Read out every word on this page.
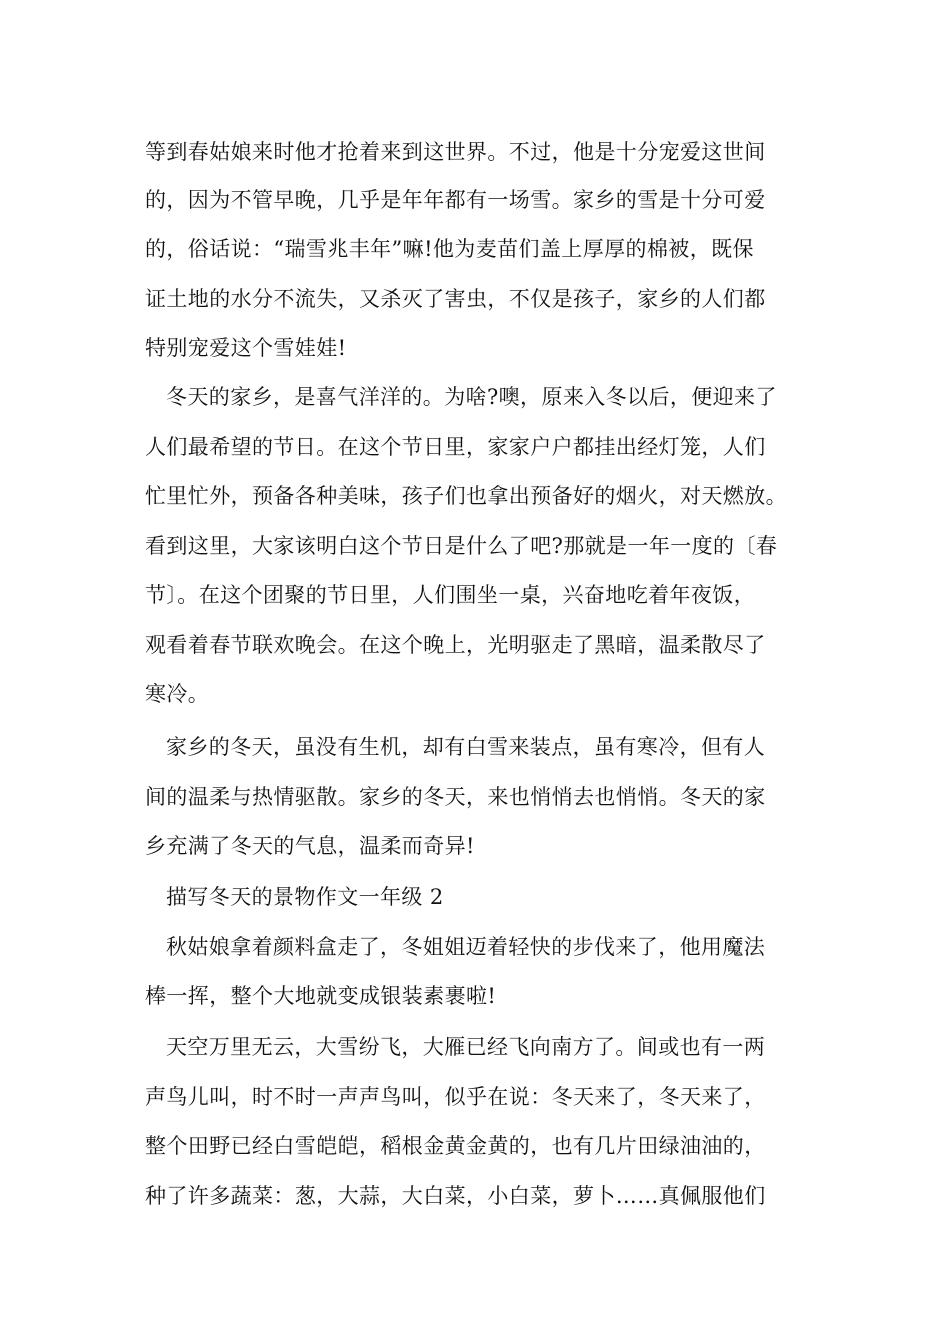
等到春姑娘来时他才抢着来到这世界。不过，他是十分宠爱这世间
的，因为不管早晚，几乎是年年都有一场雪。家乡的雪是十分可爱
的，俗话说：“瑞雪兆丰年”嘛!他为麦苗们盖上厚厚的棉被，既保
证土地的水分不流失，又杀灭了害虫，不仅是孩子，家乡的人们都
特别宠爱这个雪娃娃!
冬天的家乡，是喜气洋洋的。为啥?噢，原来入冬以后，便迎来了
人们最希望的节日。在这个节日里，家家户户都挂出经灯笼，人们
忙里忙外，预备各种美味，孩子们也拿出预备好的烟火，对天燃放。
看到这里，大家该明白这个节日是什么了吧?那就是一年一度的〔春
节〕。在这个团聚的节日里，人们围坐一桌，兴奋地吃着年夜饭，
观看着春节联欢晚会。在这个晚上，光明驱走了黑暗，温柔散尽了
寒冷。
家乡的冬天，虽没有生机，却有白雪来装点，虽有寒冷，但有人
间的温柔与热情驱散。家乡的冬天，来也悄悄去也悄悄。冬天的家
乡充满了冬天的气息，温柔而奇异!
描写冬天的景物作文一年级 2
秋姑娘拿着颜料盒走了，冬姐姐迈着轻快的步伐来了，他用魔法
棒一挥，整个大地就变成银装素裹啦!
天空万里无云，大雪纷飞，大雁已经飞向南方了。间或也有一两
声鸟儿叫，时不时一声声鸟叫，似乎在说：冬天来了，冬天来了，
整个田野已经白雪皑皑，稻根金黄金黄的，也有几片田绿油油的，
种了许多蔬菜：葱，大蒜，大白菜，小白菜，萝卜……真佩服他们
